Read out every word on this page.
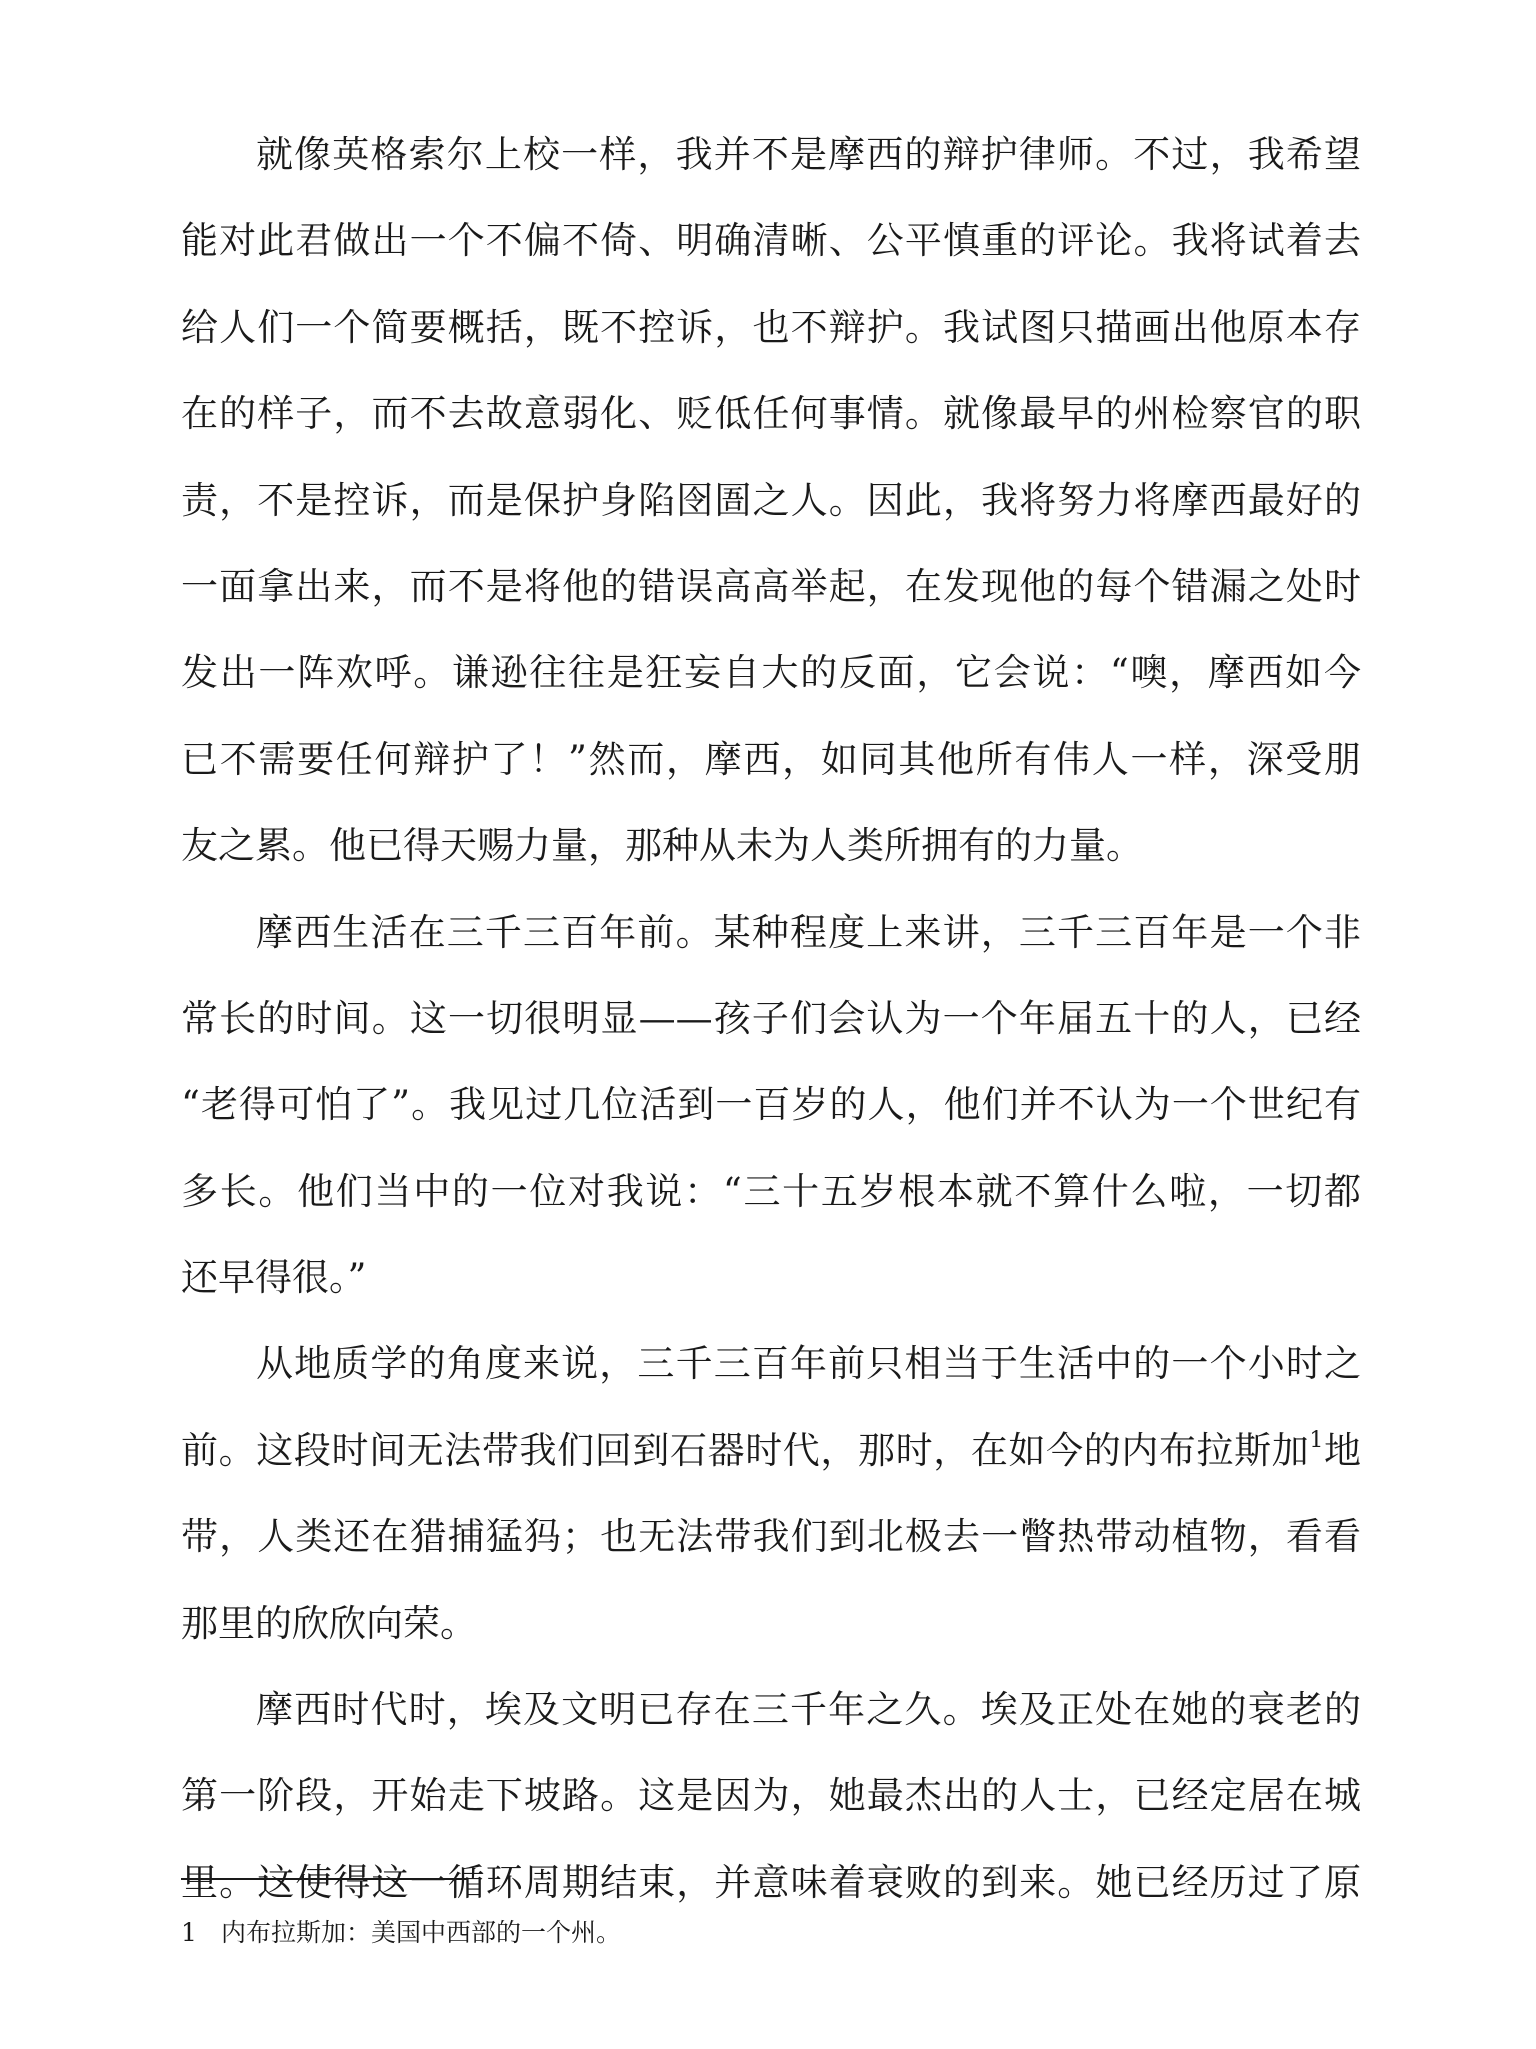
就像英格索尔上校一样，我并不是摩西的辩护律师。不过，我希望
能对此君做出一个不偏不倚、明确清晰、公平慎重的评论。我将试着去
给人们一个简要概括，既不控诉，也不辩护。我试图只描画出他原本存
在的样子，而不去故意弱化、贬低任何事情。就像最早的州检察官的职
责，不是控诉，而是保护身陷囹圄之人。因此，我将努力将摩西最好的
一面拿出来，而不是将他的错误高高举起，在发现他的每个错漏之处时
发出一阵欢呼。谦逊往往是狂妄自大的反面，它会说：“噢，摩西如今
已不需要任何辩护了！”然而，摩西，如同其他所有伟人一样，深受朋
友之累。他已得天赐力量，那种从未为人类所拥有的力量。
摩西生活在三千三百年前。某种程度上来讲，三千三百年是一个非
常长的时间。这一切很明显——孩子们会认为一个年届五十的人，已经
“老得可怕了”。我见过几位活到一百岁的人，他们并不认为一个世纪有
多长。他们当中的一位对我说：“三十五岁根本就不算什么啦，一切都
还早得很。”
从地质学的角度来说，三千三百年前只相当于生活中的一个小时之
前。这段时间无法带我们回到石器时代，那时，在如今的内布拉斯加$^1$地
带，人类还在猎捕猛犸；也无法带我们到北极去一瞥热带动植物，看看
那里的欣欣向荣。
摩西时代时，埃及文明已存在三千年之久。埃及正处在她的衰老的
第一阶段，开始走下坡路。这是因为，她最杰出的人士，已经定居在城
里。这使得这一循环周期结束，并意味着衰败的到来。她已经历过了原
1 内布拉斯加：美国中西部的一个州。
